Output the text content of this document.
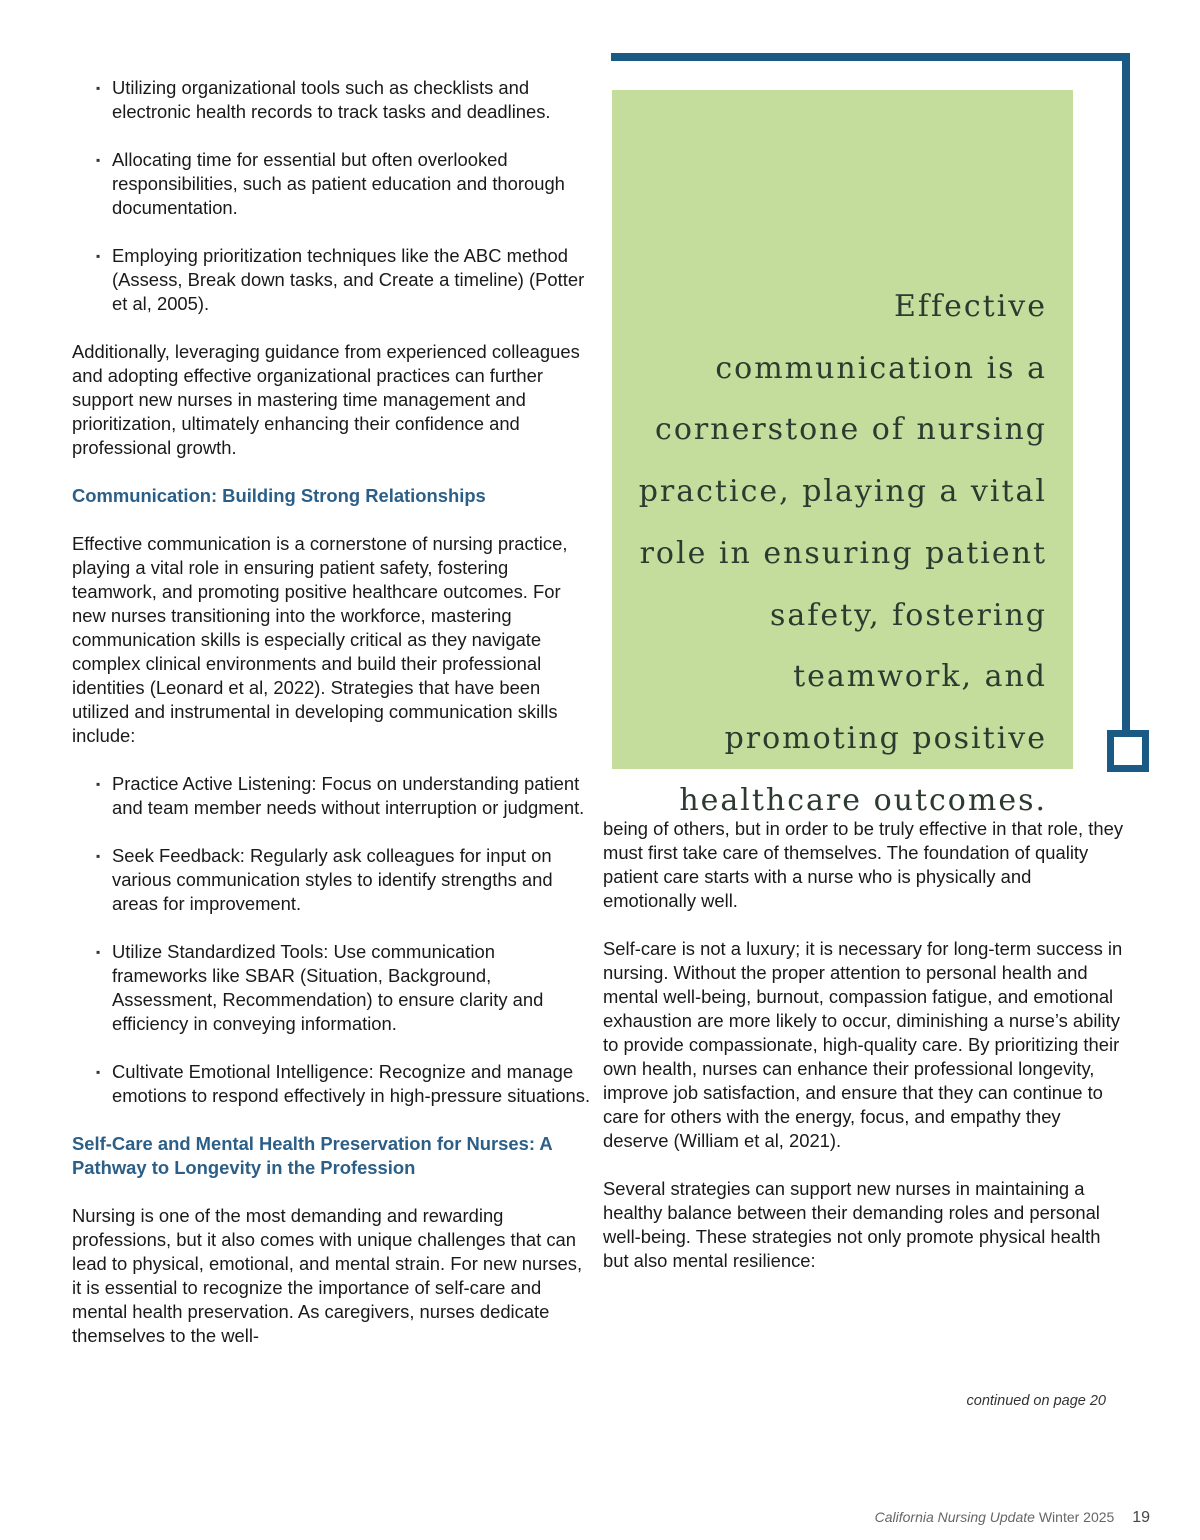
▪ Utilizing organizational tools such as checklists and electronic health records to track tasks and deadlines.
▪ Allocating time for essential but often overlooked responsibilities, such as patient education and thorough documentation.
▪ Employing prioritization techniques like the ABC method (Assess, Break down tasks, and Create a timeline) (Potter et al, 2005).

Additionally, leveraging guidance from experienced colleagues and adopting effective organizational practices can further support new nurses in mastering time management and prioritization, ultimately enhancing their confidence and professional growth.

Communication: Building Strong Relationships

Effective communication is a cornerstone of nursing practice, playing a vital role in ensuring patient safety, fostering teamwork, and promoting positive healthcare outcomes. For new nurses transitioning into the workforce, mastering communication skills is especially critical as they navigate complex clinical environments and build their professional identities (Leonard et al, 2022). Strategies that have been utilized and instrumental in developing communication skills include:

▪ Practice Active Listening: Focus on understanding patient and team member needs without interruption or judgment.
▪ Seek Feedback: Regularly ask colleagues for input on various communication styles to identify strengths and areas for improvement.
▪ Utilize Standardized Tools: Use communication frameworks like SBAR (Situation, Background, Assessment, Recommendation) to ensure clarity and efficiency in conveying information.
▪ Cultivate Emotional Intelligence: Recognize and manage emotions to respond effectively in high-pressure situations.
Self-Care and Mental Health Preservation for Nurses: A Pathway to Longevity in the Profession

Nursing is one of the most demanding and rewarding professions, but it also comes with unique challenges that can lead to physical, emotional, and mental strain. For new nurses, it is essential to recognize the importance of self-care and mental health preservation. As caregivers, nurses dedicate themselves to the well-

Effective communication is a cornerstone of nursing practice, playing a vital role in ensuring patient safety, fostering teamwork, and promoting positive healthcare outcomes.

being of others, but in order to be truly effective in that role, they must first take care of themselves. The foundation of quality patient care starts with a nurse who is physically and emotionally well.

Self-care is not a luxury; it is necessary for long-term success in nursing. Without the proper attention to personal health and mental well-being, burnout, compassion fatigue, and emotional exhaustion are more likely to occur, diminishing a nurse’s ability to provide compassionate, high-quality care. By prioritizing their own health, nurses can enhance their professional longevity, improve job satisfaction, and ensure that they can continue to care for others with the energy, focus, and empathy they deserve (William et al, 2021).

Several strategies can support new nurses in maintaining a healthy balance between their demanding roles and personal well-being. These strategies not only promote physical health but also mental resilience:

continued on page 20
California Nursing Update Winter 2025 19
